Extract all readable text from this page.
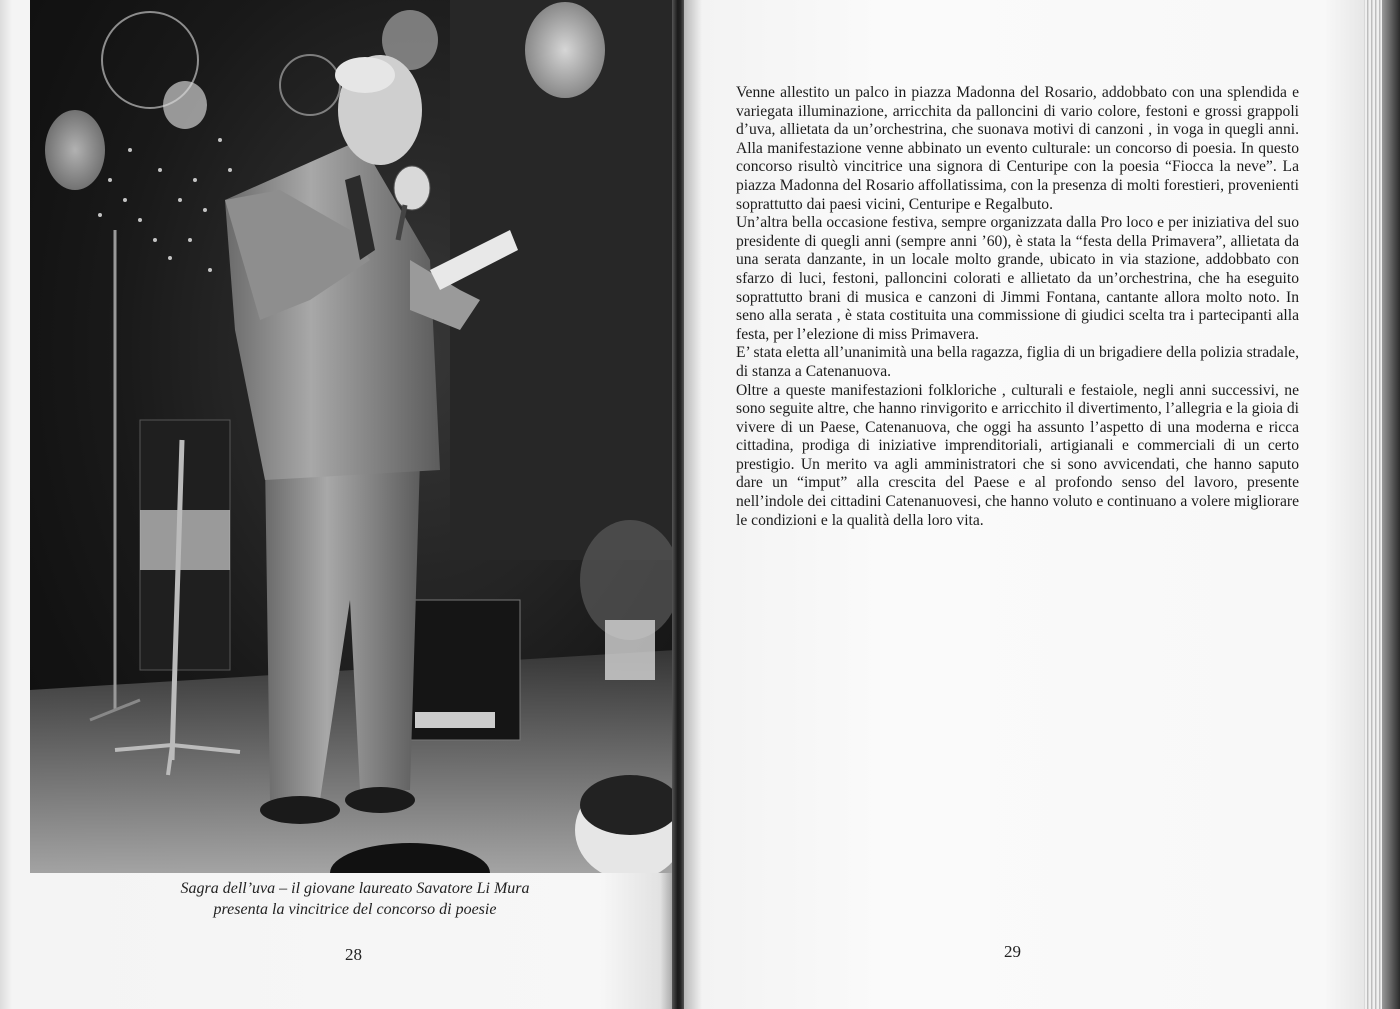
Sagra dell’uva – il giovane laureato Savatore Li Mura
presenta la vincitrice del concorso di poesie
28

Venne allestito un palco in piazza Madonna del Rosario, addobbato con una splendida e variegata illuminazione, arricchita da palloncini di vario colore, festoni e grossi grappoli d’uva, allietata da un’orchestrina, che suonava motivi di canzoni , in voga in quegli anni. Alla manifestazione venne abbinato un evento culturale: un concorso di poesia. In questo concorso risultò vincitrice una signora di Centuripe con la poesia “Fiocca la neve”. La piazza Madonna del Rosario affollatissima, con la presenza di molti forestieri, provenienti soprattutto dai paesi vicini, Centuripe e Regalbuto.

Un’altra bella occasione festiva, sempre organizzata dalla Pro loco e per iniziativa del suo presidente di quegli anni (sempre anni ’60), è stata la “festa della Primavera”, allietata da una serata danzante, in un locale molto grande, ubicato in via stazione, addobbato con sfarzo di luci, festoni, palloncini colorati e allietato da un’orchestrina, che ha eseguito soprattutto brani di musica e canzoni di Jimmi Fontana, cantante allora molto noto. In seno alla serata , è stata costituita una commissione di giudici scelta tra i partecipanti alla festa, per l’elezione di miss Primavera.

E’ stata eletta all’unanimità una bella ragazza, figlia di un brigadiere della polizia stradale, di stanza a Catenanuova.

Oltre a queste manifestazioni folkloriche , culturali e festaiole, negli anni successivi, ne sono seguite altre, che hanno rinvigorito e arricchito il divertimento, l’allegria e la gioia di vivere di un Paese, Catenanuova, che oggi ha assunto l’aspetto di una moderna e ricca cittadina, prodiga di iniziative imprenditoriali, artigianali e commerciali di un certo prestigio. Un merito va agli amministratori che si sono avvicendati, che hanno saputo dare un “imput” alla crescita del Paese e al profondo senso del lavoro, presente nell’indole dei cittadini Catenanuovesi, che hanno voluto e continuano a volere migliorare le condizioni e la qualità della loro vita.

29
